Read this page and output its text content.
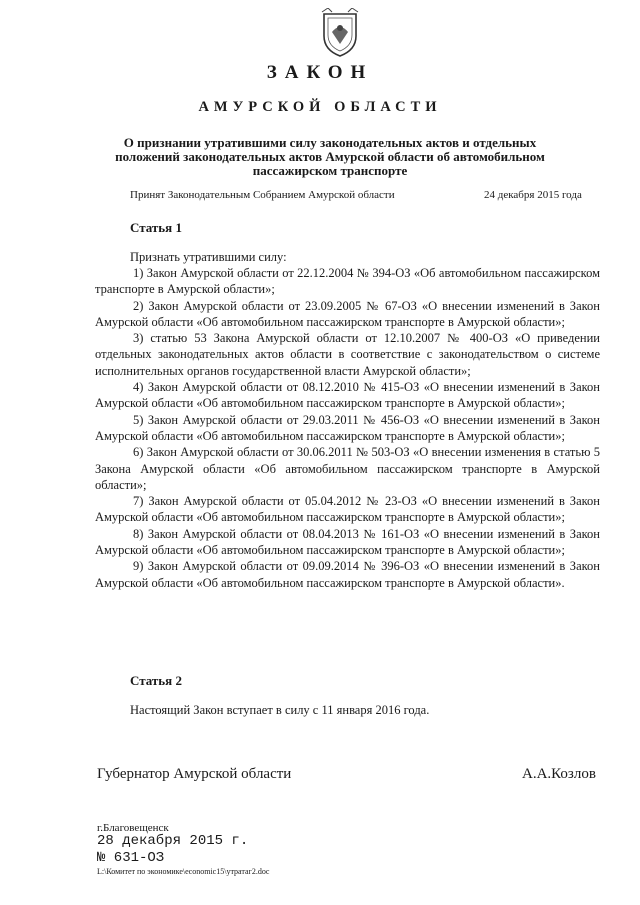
ЗАКОН
АМУРСКОЙ ОБЛАСТИ
О признании утратившими силу законодательных актов и отдельных положений законодательных актов Амурской области об автомобильном пассажирском транспорте
Принят Законодательным Собранием Амурской области	24 декабря 2015 года
Статья 1
Признать утратившими силу:
1) Закон Амурской области от 22.12.2004 № 394-ОЗ «Об автомобильном пассажирском транспорте в Амурской области»;
2) Закон Амурской области от 23.09.2005 № 67-ОЗ «О внесении изменений в Закон Амурской области «Об автомобильном пассажирском транспорте в Амурской области»;
3) статью 53 Закона Амурской области от 12.10.2007 № 400-ОЗ «О приведении отдельных законодательных актов области в соответствие с законодательством о системе исполнительных органов государственной власти Амурской области»;
4) Закон Амурской области от 08.12.2010 № 415-ОЗ «О внесении изменений в Закон Амурской области «Об автомобильном пассажирском транспорте в Амурской области»;
5) Закон Амурской области от 29.03.2011 № 456-ОЗ «О внесении изменений в Закон Амурской области «Об автомобильном пассажирском транспорте в Амурской области»;
6) Закон Амурской области от 30.06.2011 № 503-ОЗ «О внесении изменения в статью 5 Закона Амурской области «Об автомобильном пассажирском транспорте в Амурской области»;
7) Закон Амурской области от 05.04.2012 № 23-ОЗ «О внесении изменений в Закон Амурской области «Об автомобильном пассажирском транспорте в Амурской области»;
8) Закон Амурской области от 08.04.2013 № 161-ОЗ «О внесении изменений в Закон Амурской области «Об автомобильном пассажирском транспорте в Амурской области»;
9) Закон Амурской области от 09.09.2014 № 396-ОЗ «О внесении изменений в Закон Амурской области «Об автомобильном пассажирском транспорте в Амурской области».
Статья 2
Настоящий Закон вступает в силу с 11 января 2016 года.
Губернатор Амурской области	А.А.Козлов
г.Благовещенск
28 декабря 2015 г.
№ 631-ОЗ
L:\Комитет по экономике\economic15\утратаг2.doc
